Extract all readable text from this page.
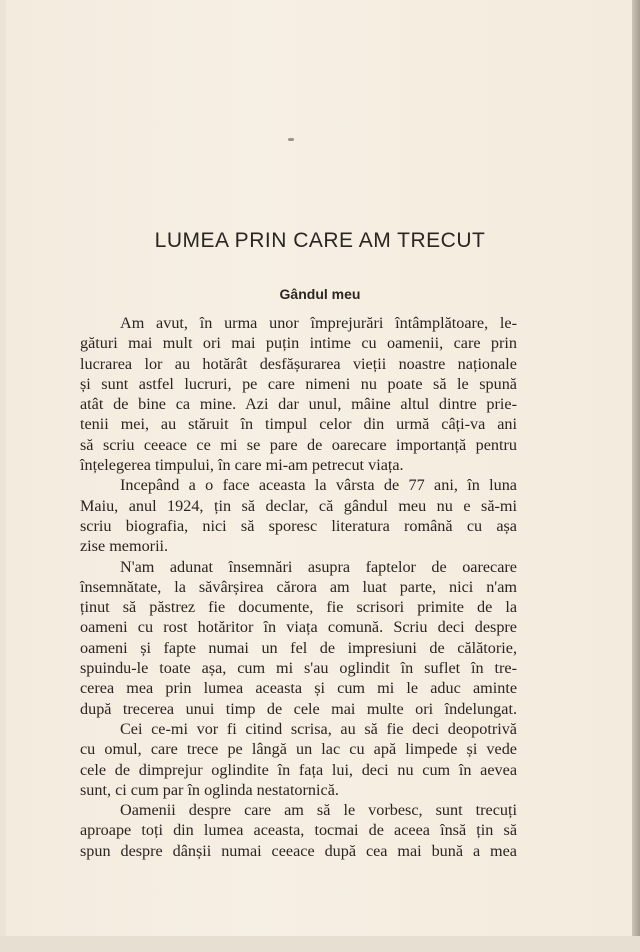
LUMEA PRIN CARE AM TRECUT
Gândul meu
Am avut, în urma unor împrejurări întâmplătoare, le-
gături mai mult ori mai puțin intime cu oamenii, care prin
lucrarea lor au hotărât desfășurarea vieții noastre naționale
și sunt astfel lucruri, pe care nimeni nu poate să le spună
atât de bine ca mine. Azi dar unul, mâine altul dintre prie-
tenii mei, au stăruit în timpul celor din urmă câți-va ani
să scriu ceeace ce mi se pare de oarecare importanță pentru
înțelegerea timpului, în care mi-am petrecut viața.
Incepând a o face aceasta la vârsta de 77 ani, în luna
Maiu, anul 1924, țin să declar, că gândul meu nu e să-mi
scriu biografia, nici să sporesc literatura română cu așa
zise memorii.
N'am adunat însemnări asupra faptelor de oarecare
însemnătate, la săvârșirea cărora am luat parte, nici n'am
ținut să păstrez fie documente, fie scrisori primite de la
oameni cu rost hotăritor în viața comună. Scriu deci despre
oameni și fapte numai un fel de impresiuni de călătorie,
spuindu-le toate așa, cum mi s'au oglindit în suflet în tre-
cerea mea prin lumea aceasta și cum mi le aduc aminte
după trecerea unui timp de cele mai multe ori îndelungat.
Cei ce-mi vor fi citind scrisa, au să fie deci deopotrivă
cu omul, care trece pe lângă un lac cu apă limpede și vede
cele de dimprejur oglindite în fața lui, deci nu cum în aevea
sunt, ci cum par în oglinda nestatornică.
Oamenii despre care am să le vorbesc, sunt trecuți
aproape toți din lumea aceasta, tocmai de aceea însă țin să
spun despre dânșii numai ceeace după cea mai bună a mea
